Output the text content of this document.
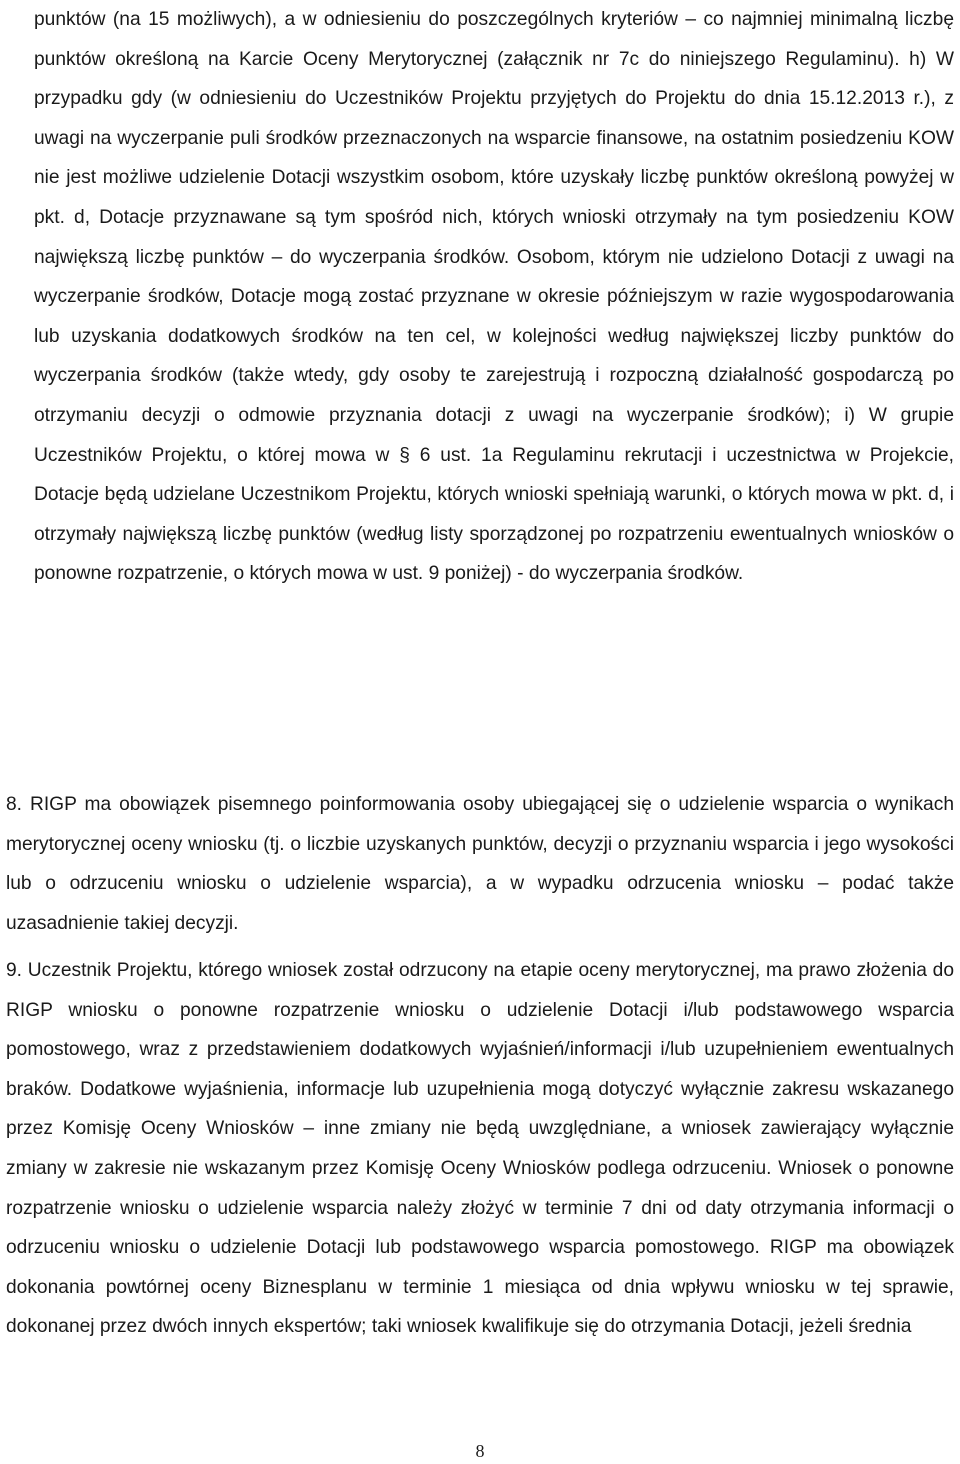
punktów (na 15 możliwych), a w odniesieniu do poszczególnych kryteriów – co najmniej minimalną liczbę punktów określoną na Karcie Oceny Merytorycznej (załącznik nr 7c do niniejszego Regulaminu). h) W przypadku gdy (w odniesieniu do Uczestników Projektu przyjętych do Projektu do dnia 15.12.2013 r.), z uwagi na wyczerpanie puli środków przeznaczonych na wsparcie finansowe, na ostatnim posiedzeniu KOW nie jest możliwe udzielenie Dotacji wszystkim osobom, które uzyskały liczbę punktów określoną powyżej w pkt. d, Dotacje przyznawane są tym spośród nich, których wnioski otrzymały na tym posiedzeniu KOW największą liczbę punktów – do wyczerpania środków. Osobom, którym nie udzielono Dotacji z uwagi na wyczerpanie środków, Dotacje mogą zostać przyznane w okresie późniejszym w razie wygospodarowania lub uzyskania dodatkowych środków na ten cel, w kolejności według największej liczby punktów do wyczerpania środków (także wtedy, gdy osoby te zarejestrują i rozpoczną działalność gospodarczą po otrzymaniu decyzji o odmowie przyznania dotacji z uwagi na wyczerpanie środków); i) W grupie Uczestników Projektu, o której mowa w § 6 ust. 1a Regulaminu rekrutacji i uczestnictwa w Projekcie, Dotacje będą udzielane Uczestnikom Projektu, których wnioski spełniają warunki, o których mowa w pkt. d, i otrzymały największą liczbę punktów (według listy sporządzonej po rozpatrzeniu ewentualnych wniosków o ponowne rozpatrzenie, o których mowa w ust. 9 poniżej) - do wyczerpania środków.

8. RIGP ma obowiązek pisemnego poinformowania osoby ubiegającej się o udzielenie wsparcia o wynikach merytorycznej oceny wniosku (tj. o liczbie uzyskanych punktów, decyzji o przyznaniu wsparcia i jego wysokości lub o odrzuceniu wniosku o udzielenie wsparcia), a w wypadku odrzucenia wniosku – podać także uzasadnienie takiej decyzji.

9. Uczestnik Projektu, którego wniosek został odrzucony na etapie oceny merytorycznej, ma prawo złożenia do RIGP wniosku o ponowne rozpatrzenie wniosku o udzielenie Dotacji i/lub podstawowego wsparcia pomostowego, wraz z przedstawieniem dodatkowych wyjaśnień/informacji i/lub uzupełnieniem ewentualnych braków. Dodatkowe wyjaśnienia, informacje lub uzupełnienia mogą dotyczyć wyłącznie zakresu wskazanego przez Komisję Oceny Wniosków – inne zmiany nie będą uwzględniane, a wniosek zawierający wyłącznie zmiany w zakresie nie wskazanym przez Komisję Oceny Wniosków podlega odrzuceniu. Wniosek o ponowne rozpatrzenie wniosku o udzielenie wsparcia należy złożyć w terminie 7 dni od daty otrzymania informacji o odrzuceniu wniosku o udzielenie Dotacji lub podstawowego wsparcia pomostowego. RIGP ma obowiązek dokonania powtórnej oceny Biznesplanu w terminie 1 miesiąca od dnia wpływu wniosku w tej sprawie, dokonanej przez dwóch innych ekspertów; taki wniosek kwalifikuje się do otrzymania Dotacji, jeżeli średnia

8
